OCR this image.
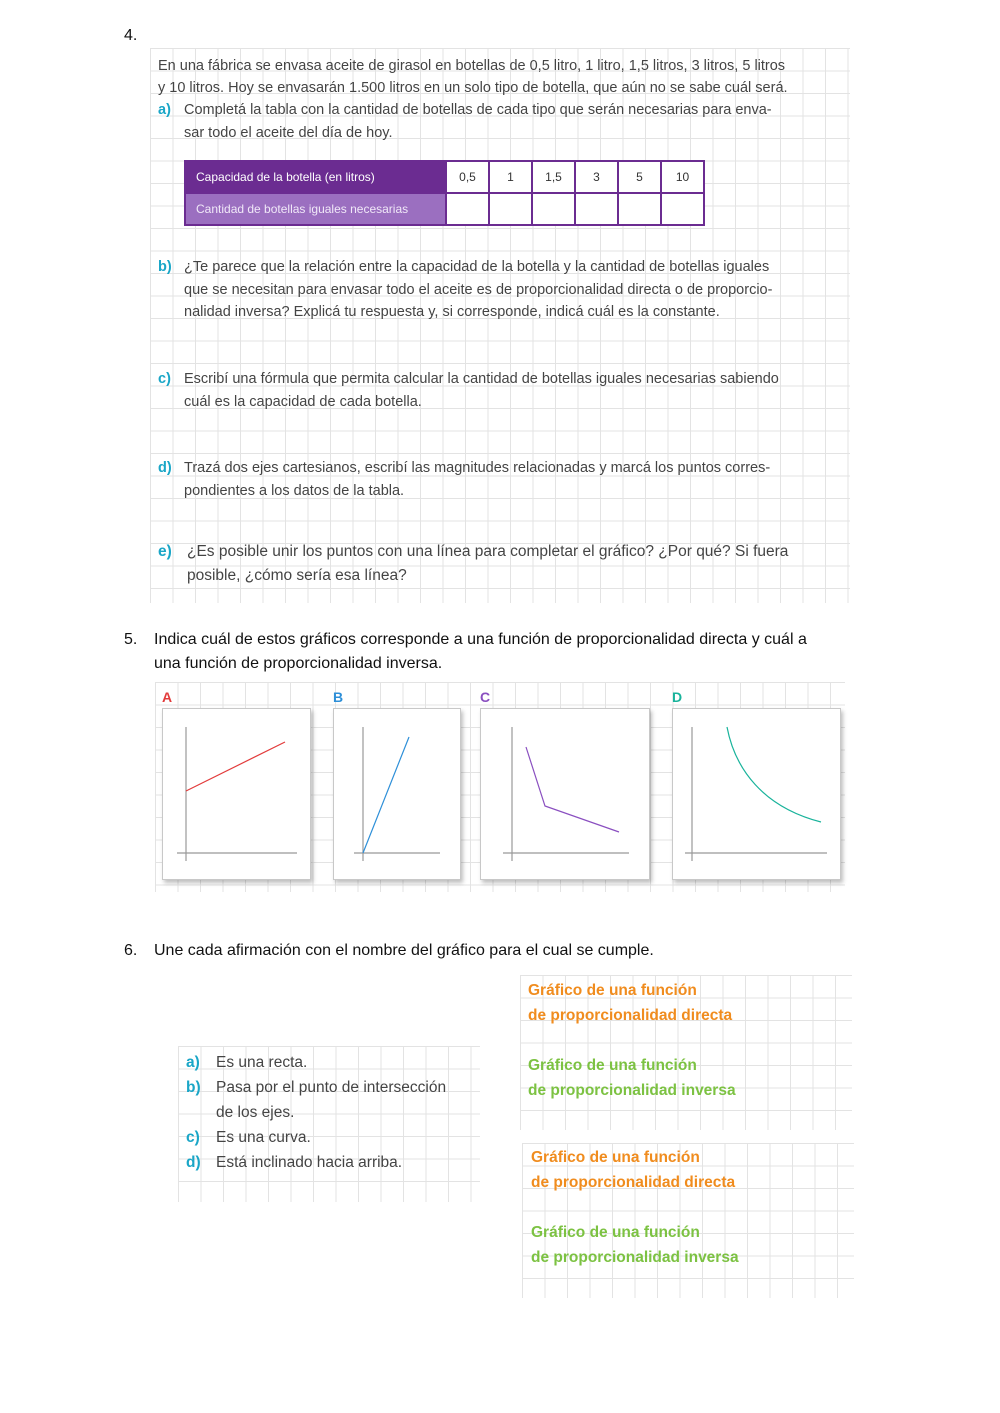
4.
En una fábrica se envasa aceite de girasol en botellas de 0,5 litro, 1 litro, 1,5 litros, 3 litros, 5 litros
y 10 litros. Hoy se envasarán 1.500 litros en un solo tipo de botella, que aún no se sabe cuál será.
a) Completá la tabla con la cantidad de botellas de cada tipo que serán necesarias para enva-
sar todo el aceite del día de hoy.
Capacidad de la botella (en litros)	0,5	1	1,5	3	5	10
Cantidad de botellas iguales necesarias						
b) ¿Te parece que la relación entre la capacidad de la botella y la cantidad de botellas iguales
que se necesitan para envasar todo el aceite es de proporcionalidad directa o de proporcio-
nalidad inversa? Explicá tu respuesta y, si corresponde, indicá cuál es la constante.
c) Escribí una fórmula que permita calcular la cantidad de botellas iguales necesarias sabiendo
cuál es la capacidad de cada botella.
d) Trazá dos ejes cartesianos, escribí las magnitudes relacionadas y marcá los puntos corres-
pondientes a los datos de la tabla.
e) ¿Es posible unir los puntos con una línea para completar el gráfico? ¿Por qué? Si fuera
posible, ¿cómo sería esa línea?
5. Indica cuál de estos gráficos corresponde a una función de proporcionalidad directa y cuál a
una función de proporcionalidad inversa.
A	B	C	D
6. Une cada afirmación con el nombre del gráfico para el cual se cumple.
a) Es una recta.
b) Pasa por el punto de intersección
de los ejes.
c) Es una curva.
d) Está inclinado hacia arriba.
Gráfico de una función
de proporcionalidad directa
Gráfico de una función
de proporcionalidad inversa
Gráfico de una función
de proporcionalidad directa
Gráfico de una función
de proporcionalidad inversa
